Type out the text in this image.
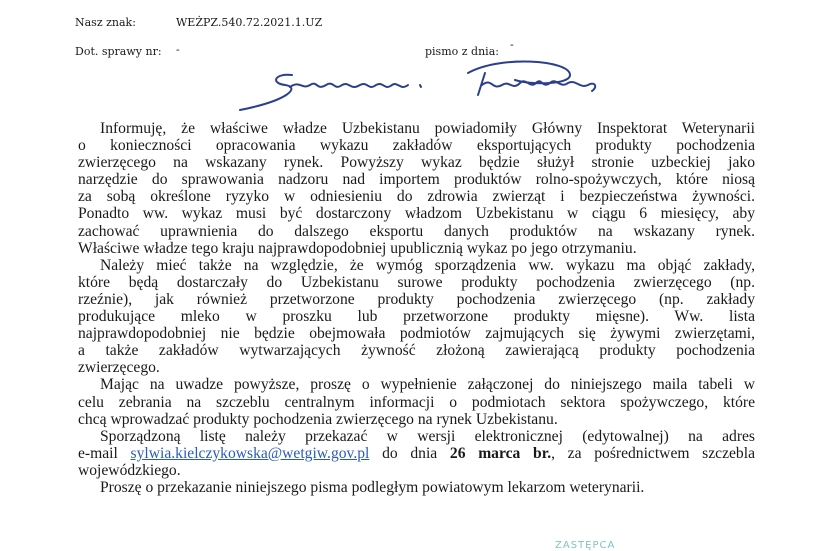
Nasz znak:	WEŻPZ.540.72.2021.1.UZ
Dot. sprawy nr: -	pismo z dnia:
-
Informuję, że właściwe władze Uzbekistanu powiadomiły Główny Inspektorat Weterynarii
o konieczności opracowania wykazu zakładów eksportujących produkty pochodzenia
zwierzęcego na wskazany rynek. Powyższy wykaz będzie służył stronie uzbeckiej jako
narzędzie do sprawowania nadzoru nad importem produktów rolno-spożywczych, które niosą
za sobą określone ryzyko w odniesieniu do zdrowia zwierząt i bezpieczeństwa żywności.
Ponadto ww. wykaz musi być dostarczony władzom Uzbekistanu w ciągu 6 miesięcy, aby
zachować uprawnienia do dalszego eksportu danych produktów na wskazany rynek.
Właściwe władze tego kraju najprawdopodobniej upublicznią wykaz po jego otrzymaniu.
Należy mieć także na względzie, że wymóg sporządzenia ww. wykazu ma objąć zakłady,
które będą dostarczały do Uzbekistanu surowe produkty pochodzenia zwierzęcego (np.
rzeźnie), jak również przetworzone produkty pochodzenia zwierzęcego (np. zakłady
produkujące mleko w proszku lub przetworzone produkty mięsne). Ww. lista
najprawdopodobniej nie będzie obejmowała podmiotów zajmujących się żywymi zwierzętami,
a także zakładów wytwarzających żywność złożoną zawierającą produkty pochodzenia
zwierzęcego.
Mając na uwadze powyższe, proszę o wypełnienie załączonej do niniejszego maila tabeli w
celu zebrania na szczeblu centralnym informacji o podmiotach sektora spożywczego, które
chcą wprowadzać produkty pochodzenia zwierzęcego na rynek Uzbekistanu.
Sporządzoną listę należy przekazać w wersji elektronicznej (edytowalnej) na adres
e-mail sylwia.kielczykowska@wetgiw.gov.pl do dnia 26 marca br., za pośrednictwem szczebla
wojewódzkiego.
Proszę o przekazanie niniejszego pisma podległym powiatowym lekarzom weterynarii.
ZASTĘPCA
